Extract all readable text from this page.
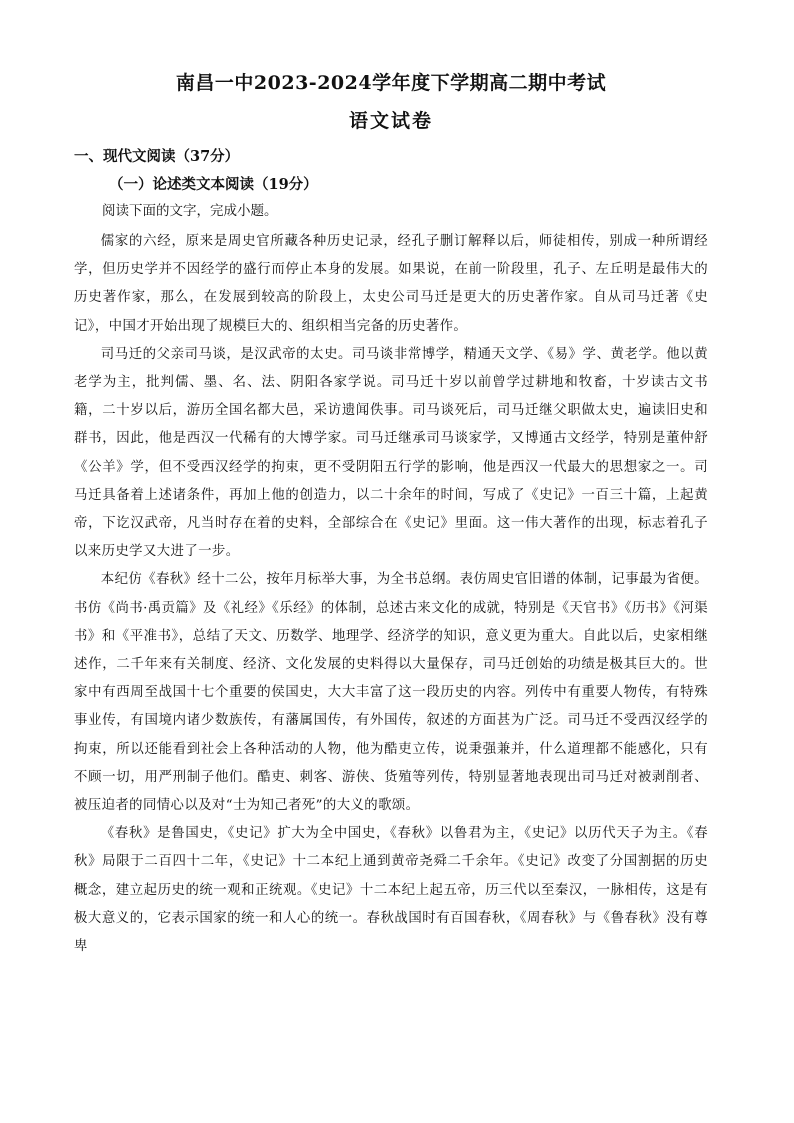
南昌一中2023-2024学年度下学期高二期中考试
语文试卷
一、现代文阅读（37分）
（一）论述类文本阅读（19分）
阅读下面的文字，完成小题。

儒家的六经，原来是周史官所藏各种历史记录，经孔子删订解释以后，师徒相传，别成一种所谓经学，但历史学并不因经学的盛行而停止本身的发展。如果说，在前一阶段里，孔子、左丘明是最伟大的历史著作家，那么，在发展到较高的阶段上，太史公司马迁是更大的历史著作家。自从司马迁著《史记》，中国才开始出现了规模巨大的、组织相当完备的历史著作。

司马迁的父亲司马谈，是汉武帝的太史。司马谈非常博学，精通天文学、《易》学、黄老学。他以黄老学为主，批判儒、墨、名、法、阴阳各家学说。司马迁十岁以前曾学过耕地和牧畜，十岁读古文书籍，二十岁以后，游历全国名都大邑，采访遗闻佚事。司马谈死后，司马迁继父职做太史，遍读旧史和群书，因此，他是西汉一代稀有的大博学家。司马迁继承司马谈家学，又博通古文经学，特别是董仲舒《公羊》学，但不受西汉经学的拘束，更不受阴阳五行学的影响，他是西汉一代最大的思想家之一。司马迁具备着上述诸条件，再加上他的创造力，以二十余年的时间，写成了《史记》一百三十篇，上起黄帝，下讫汉武帝，凡当时存在着的史料，全部综合在《史记》里面。这一伟大著作的出现，标志着孔子以来历史学又大进了一步。

本纪仿《春秋》经十二公，按年月标举大事，为全书总纲。表仿周史官旧谱的体制，记事最为省便。书仿《尚书·禹贡篇》及《礼经》《乐经》的体制，总述古来文化的成就，特别是《天官书》《历书》《河渠书》和《平准书》，总结了天文、历数学、地理学、经济学的知识，意义更为重大。自此以后，史家相继述作，二千年来有关制度、经济、文化发展的史料得以大量保存，司马迁创始的功绩是极其巨大的。世家中有西周至战国十七个重要的侯国史，大大丰富了这一段历史的内容。列传中有重要人物传，有特殊事业传，有国境内诸少数族传，有藩属国传，有外国传，叙述的方面甚为广泛。司马迁不受西汉经学的拘束，所以还能看到社会上各种活动的人物，他为酷吏立传，说秉强兼并，什么道理都不能感化，只有不顾一切，用严刑制子他们。酷吏、刺客、游侠、货殖等列传，特别显著地表现出司马迁对被剥削者、被压迫者的同情心以及对“士为知己者死”的大义的歌颂。

《春秋》是鲁国史，《史记》扩大为全中国史，《春秋》以鲁君为主，《史记》以历代天子为主。《春秋》局限于二百四十二年，《史记》十二本纪上通到黄帝尧舜二千余年。《史记》改变了分国割据的历史概念，建立起历史的统一观和正统观。《史记》十二本纪上起五帝，历三代以至秦汉，一脉相传，这是有极大意义的，它表示国家的统一和人心的统一。春秋战国时有百国春秋，《周春秋》与《鲁春秋》没有尊卑
